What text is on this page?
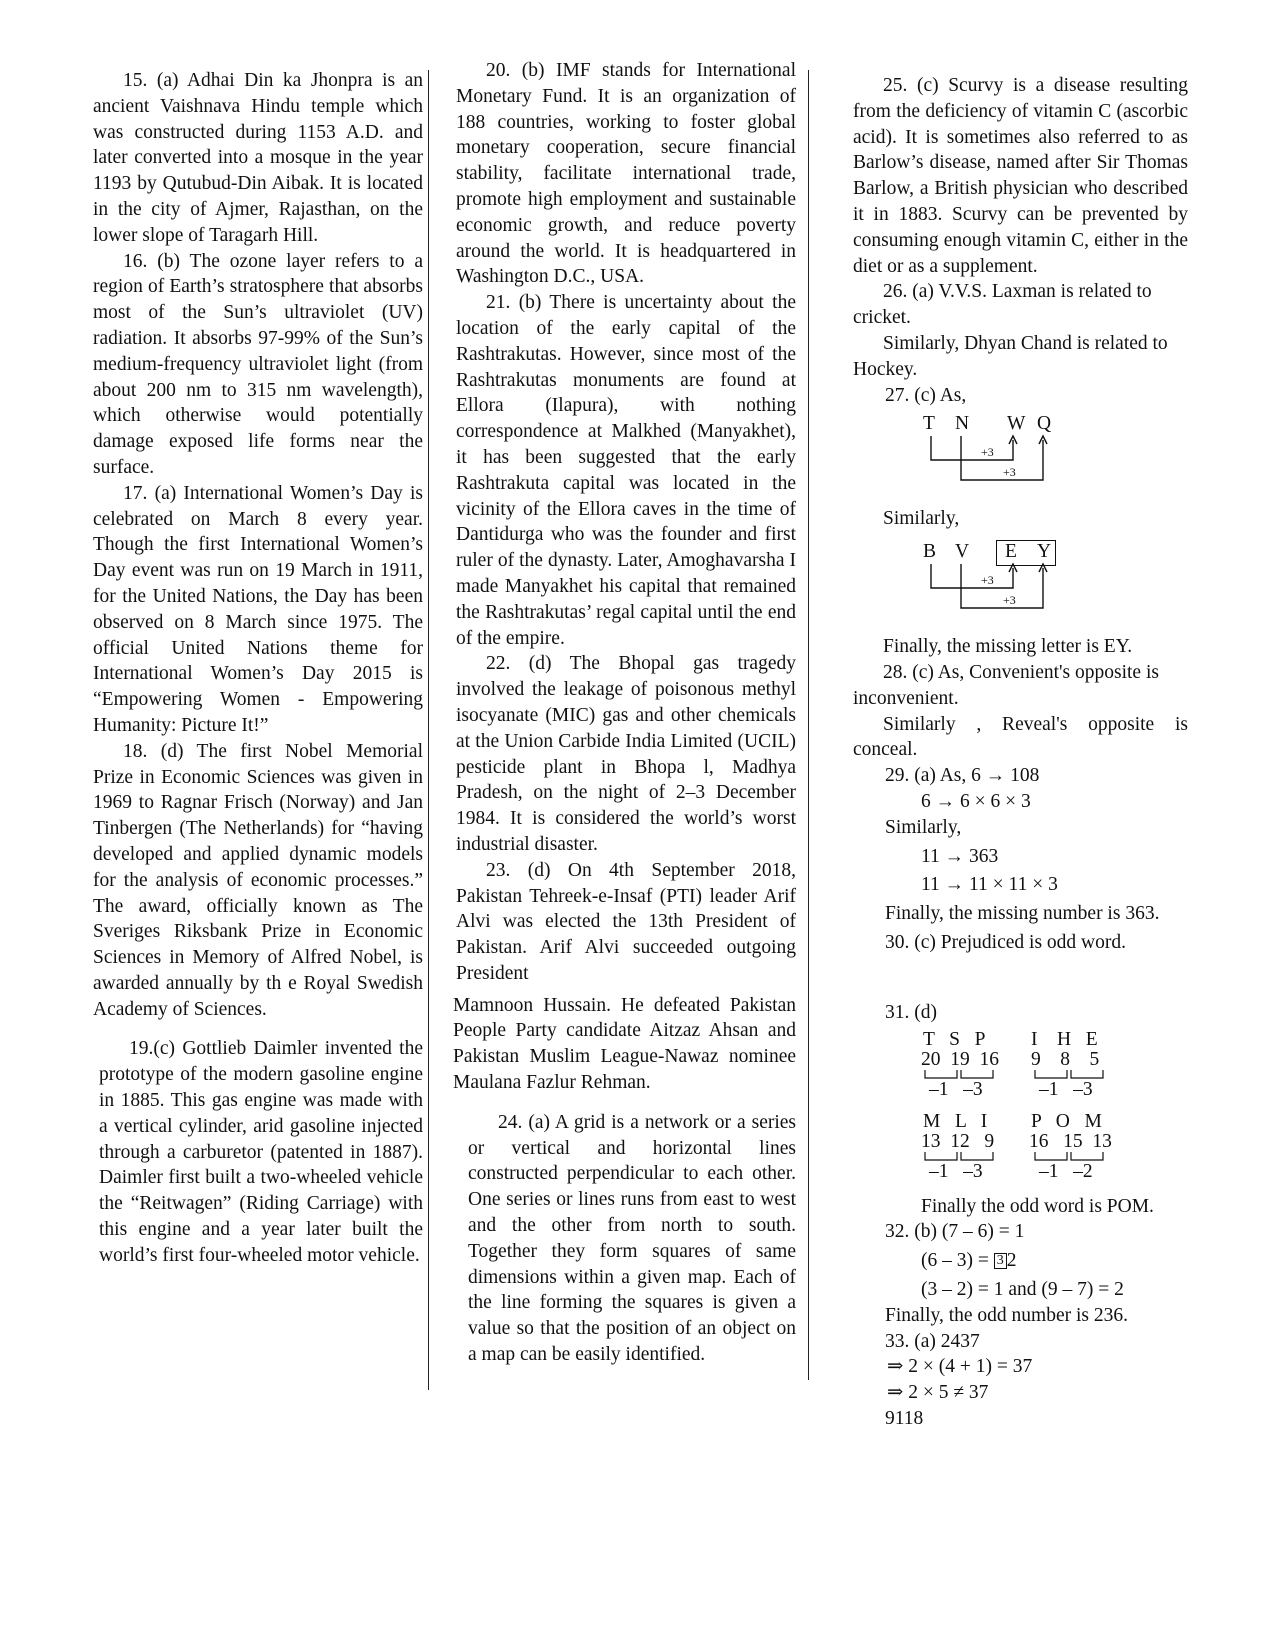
15. (a) Adhai Din ka Jhonpra is an ancient Vaishnava Hindu temple which was constructed during 1153 A.D. and later converted into a mosque in the year 1193 by Qutubud-Din Aibak. It is located in the city of Ajmer, Rajasthan, on the lower slope of Taragarh Hill.

16. (b) The ozone layer refers to a region of Earth’s stratosphere that absorbs most of the Sun’s ultraviolet (UV) radiation. It absorbs 97-99% of the Sun’s medium-frequency ultraviolet light (from about 200 nm to 315 nm wavelength), which otherwise would potentially damage exposed life forms near the surface.

17. (a) International Women’s Day is celebrated on March 8 every year. Though the first International Women’s Day event was run on 19 March in 1911, for the United Nations, the Day has been observed on 8 March since 1975. The official United Nations theme for International Women’s Day 2015 is “Empowering Women - Empowering Humanity: Picture It!”

18. (d) The first Nobel Memorial Prize in Economic Sciences was given in 1969 to Ragnar Frisch (Norway) and Jan Tinbergen (The Netherlands) for “having developed and applied dynamic models for the analysis of economic processes.” The award, officially known as The Sveriges Riksbank Prize in Economic Sciences in Memory of Alfred Nobel, is awarded annually by th e Royal Swedish Academy of Sciences.

19.(c) Gottlieb Daimler invented the prototype of the modern gasoline engine in 1885. This gas engine was made with a vertical cylinder, arid gasoline injected through a carburetor (patented in 1887). Daimler first built a two-wheeled vehicle the “Reitwagen” (Riding Carriage) with this engine and a year later built the world’s first four-wheeled motor vehicle.

20. (b) IMF stands for International Monetary Fund. It is an organization of 188 countries, working to foster global monetary cooperation, secure financial stability, facilitate international trade, promote high employment and sustainable economic growth, and reduce poverty around the world. It is headquartered in Washington D.C., USA.

21. (b) There is uncertainty about the location of the early capital of the Rashtrakutas. However, since most of the Rashtrakutas monuments are found at Ellora (Ilapura), with nothing correspondence at Malkhed (Manyakhet), it has been suggested that the early Rashtrakuta capital was located in the vicinity of the Ellora caves in the time of Dantidurga who was the founder and first ruler of the dynasty. Later, Amoghavarsha I made Manyakhet his capital that remained the Rashtrakutas’ regal capital until the end of the empire.

22. (d) The Bhopal gas tragedy involved the leakage of poisonous methyl isocyanate (MIC) gas and other chemicals at the Union Carbide India Limited (UCIL) pesticide plant in Bhopa l, Madhya Pradesh, on the night of 2–3 December 1984. It is considered the world’s worst industrial disaster.

23. (d) On 4th September 2018, Pakistan Tehreek-e-Insaf (PTI) leader Arif Alvi was elected the 13th President of Pakistan. Arif Alvi succeeded outgoing President

Mamnoon Hussain. He defeated Pakistan People Party candidate Aitzaz Ahsan and Pakistan Muslim League-Nawaz nominee Maulana Fazlur Rehman.

24. (a) A grid is a network or a series or vertical and horizontal lines constructed perpendicular to each other. One series or lines runs from east to west and the other from north to south. Together they form squares of same dimensions within a given map. Each of the line forming the squares is given a value so that the position of an object on a map can be easily identified.

25. (c) Scurvy is a disease resulting from the deficiency of vitamin C (ascorbic acid). It is sometimes also referred to as Barlow’s disease, named after Sir Thomas Barlow, a British physician who described it in 1883. Scurvy can be prevented by consuming enough vitamin C, either in the diet or as a supplement.

26. (a) V.V.S. Laxman is related to cricket.

Similarly, Dhyan Chand is related to Hockey.

27. (c) As,

T N W Q
+3
+3

Similarly,

B V E Y
+3
+3

Finally, the missing letter is EY.

28. (c) As, Convenient's opposite is inconvenient.

Similarly , Reveal's opposite is conceal.

29. (a) As, 6 → 108

6 → 6 × 6 × 3

Similarly,

11 → 363

11 → 11 × 11 × 3

Finally, the missing number is 363.

30. (c) Prejudiced is odd word.

31. (d)

T   S   P
20  19  16
–1   –3
I    H   E
9    8    5
–1   –3
M   L   I
13  12   9
–1   –3
P   O   M
16   15  13
–1   –2

Finally the odd word is POM.

32. (b) (7 – 6) = 1

(6 – 3) = 3 2

(3 – 2) = 1 and (9 – 7) = 2

Finally, the odd number is 236.

33. (a) 2437

⇒ 2 × (4 + 1) = 37

⇒ 2 × 5 ≠ 37

9118
